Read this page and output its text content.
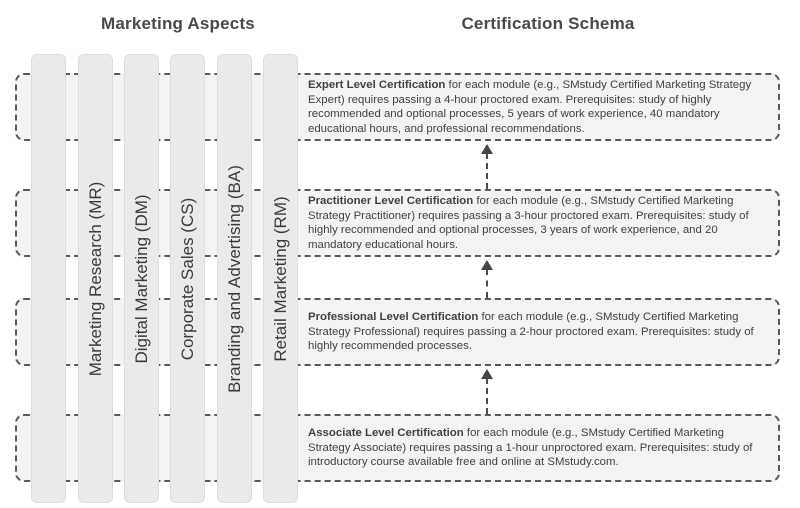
Marketing Aspects	Certification Schema

Expert Level Certification for each module (e.g., SMstudy Certified Marketing Strategy Expert) requires passing a 4-hour proctored exam. Prerequisites: study of highly recommended and optional processes, 5 years of work experience, 40 mandatory educational hours, and professional recommendations.

Practitioner Level Certification for each module (e.g., SMstudy Certified Marketing Strategy Practitioner) requires passing a 3-hour proctored exam. Prerequisites: study of highly recommended and optional processes, 3 years of work experience, and 20 mandatory educational hours.

Professional Level Certification for each module (e.g., SMstudy Certified Marketing Strategy Professional) requires passing a 2-hour proctored exam. Prerequisites: study of highly recommended processes.

Associate Level Certification for each module (e.g., SMstudy Certified Marketing Strategy Associate) requires passing a 1-hour unproctored exam. Prerequisites: study of introductory course available free and online at SMstudy.com.

Marketing Research (MR) Digital Marketing (DM) Corporate Sales (CS) Branding and Advertising (BA) Retail Marketing (RM)
